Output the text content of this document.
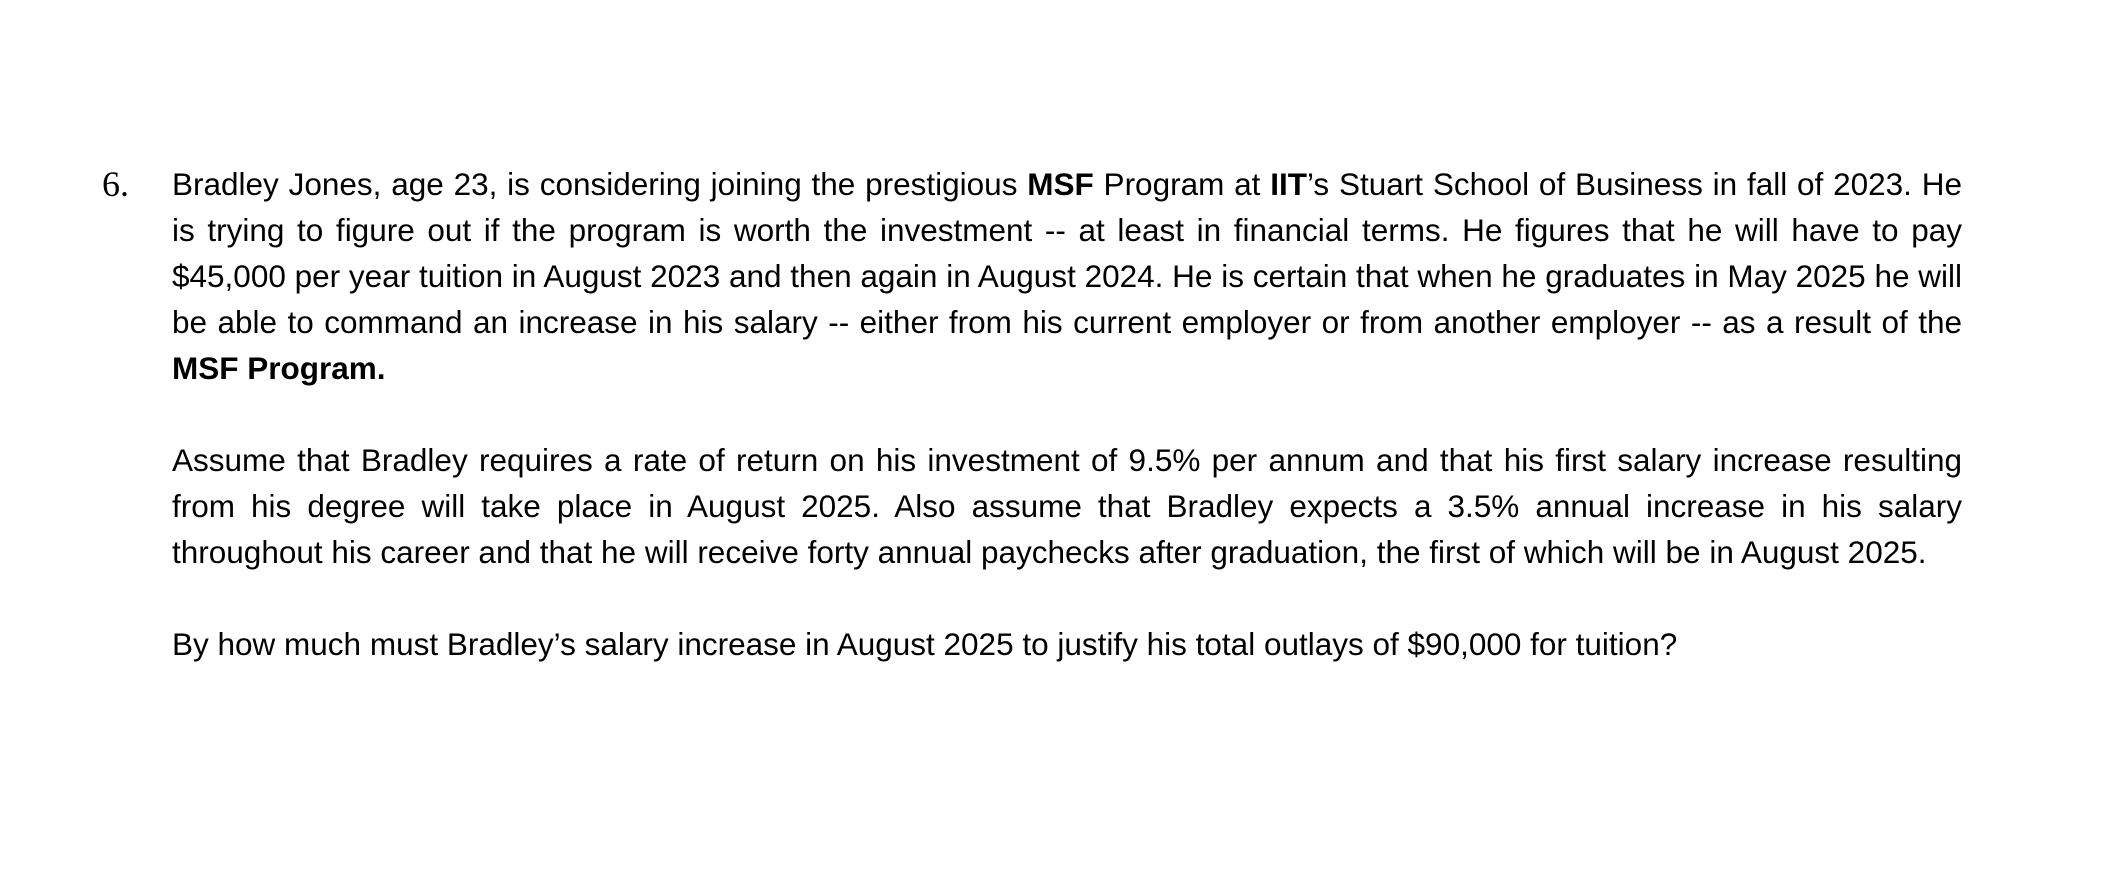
6. Bradley Jones, age 23, is considering joining the prestigious MSF Program at IIT’s Stuart School of Business in fall of 2023. He is trying to figure out if the program is worth the investment -- at least in financial terms. He figures that he will have to pay $45,000 per year tuition in August 2023 and then again in August 2024. He is certain that when he graduates in May 2025 he will be able to command an increase in his salary -- either from his current employer or from another employer -- as a result of the MSF Program.

Assume that Bradley requires a rate of return on his investment of 9.5% per annum and that his first salary increase resulting from his degree will take place in August 2025. Also assume that Bradley expects a 3.5% annual increase in his salary throughout his career and that he will receive forty annual paychecks after graduation, the first of which will be in August 2025.

By how much must Bradley’s salary increase in August 2025 to justify his total outlays of $90,000 for tuition?
